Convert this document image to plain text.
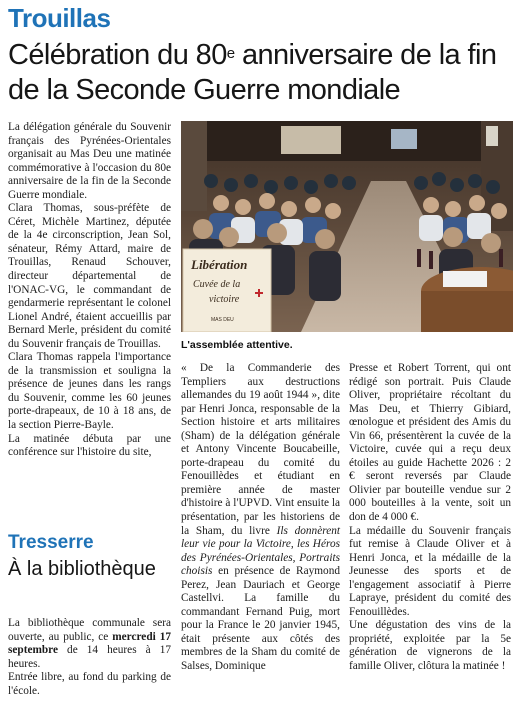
Trouillas
Célébration du 80e anniversaire de la fin de la Seconde Guerre mondiale

La délégation générale du Souvenir français des Pyrénées-Orientales organisait au Mas Deu une matinée commémorative à l'occasion du 80e anniversaire de la fin de la Seconde Guerre mondiale.

Clara Thomas, sous-préfète de Céret, Michèle Martinez, députée de la 4e circonscription, Jean Sol, sénateur, Rémy Attard, maire de Trouillas, Renaud Schouver, directeur départemental de l'ONAC-VG, le commandant de gendarmerie représentant le colonel Lionel André, étaient accueillis par Bernard Merle, président du comité du Souvenir français de Trouillas.

Clara Thomas rappela l'importance de la transmission et souligna la présence de jeunes dans les rangs du Souvenir, comme les 60 jeunes porte-drapeaux, de 10 à 18 ans, de la section Pierre-Bayle.

La matinée débuta par une conférence sur l'histoire du site,

Libération
Cuvée de la
victoire
MAS DEU
L'assemblée attentive.

« De la Commanderie des Templiers aux destructions allemandes du 19 août 1944 », dite par Henri Jonca, responsable de la Section histoire et arts militaires (Sham) de la délégation générale et Antony Vincente Boucabeille, porte-drapeau du comité du Fenouillèdes et étudiant en première année de master d'histoire à l'UPVD. Vint ensuite la présentation, par les historiens de la Sham, du livre Ils donnèrent leur vie pour la Victoire, les Héros des Pyrénées-Orientales, Portraits choisis en présence de Raymond Perez, Jean Dauriach et George Castellvi. La famille du commandant Fernand Puig, mort pour la France le 20 janvier 1945, était présente aux côtés des membres de la Sham du comité de Salses, Dominique

Presse et Robert Torrent, qui ont rédigé son portrait. Puis Claude Oliver, propriétaire récoltant du Mas Deu, et Thierry Gibiard, œnologue et président des Amis du Vin 66, présentèrent la cuvée de la Victoire, cuvée qui a reçu deux étoiles au guide Hachette 2026 : 2 € seront reversés par Claude Olivier par bouteille vendue sur 2 000 bouteilles à la vente, soit un don de 4 000 €.

La médaille du Souvenir français fut remise à Claude Oliver et à Henri Jonca, et la médaille de la Jeunesse des sports et de l'engagement associatif à Pierre Lapraye, président du comité des Fenouillèdes.

Une dégustation des vins de la propriété, exploitée par la 5e génération de vignerons de la famille Oliver, clôtura la matinée !

Tresserre
À la bibliothèque

La bibliothèque communale sera ouverte, au public, ce mercredi 17 septembre de 14 heures à 17 heures.

Entrée libre, au fond du parking de l'école.
